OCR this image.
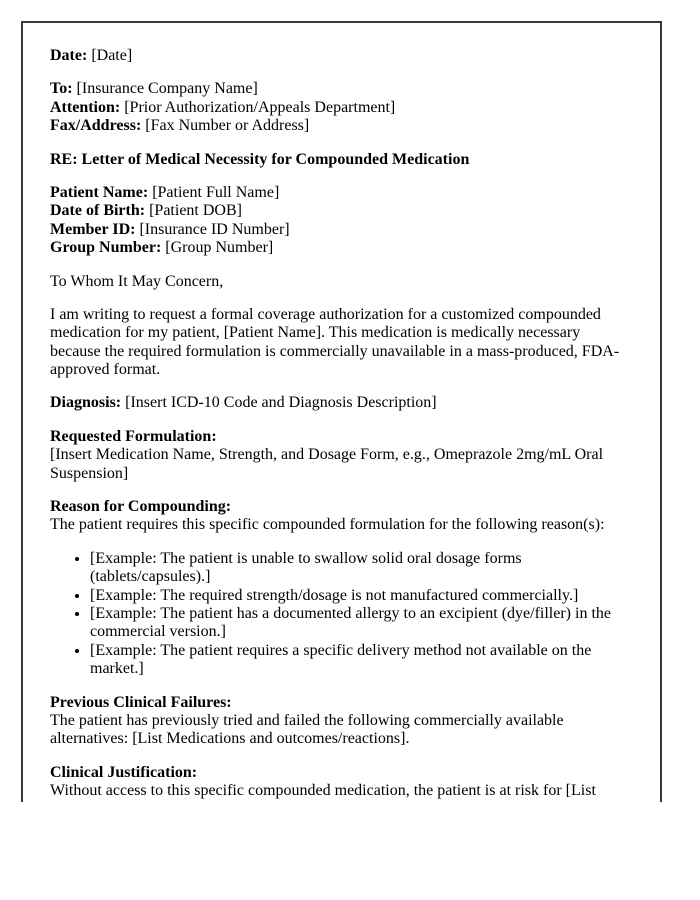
Date: [Date]
To: [Insurance Company Name]
Attention: [Prior Authorization/Appeals Department]
Fax/Address: [Fax Number or Address]
RE: Letter of Medical Necessity for Compounded Medication
Patient Name: [Patient Full Name]
Date of Birth: [Patient DOB]
Member ID: [Insurance ID Number]
Group Number: [Group Number]
To Whom It May Concern,
I am writing to request a formal coverage authorization for a customized compounded medication for my patient, [Patient Name]. This medication is medically necessary because the required formulation is commercially unavailable in a mass-produced, FDA-approved format.
Diagnosis: [Insert ICD-10 Code and Diagnosis Description]
Requested Formulation:
[Insert Medication Name, Strength, and Dosage Form, e.g., Omeprazole 2mg/mL Oral Suspension]
Reason for Compounding:
The patient requires this specific compounded formulation for the following reason(s):
• [Example: The patient is unable to swallow solid oral dosage forms (tablets/capsules).]
• [Example: The required strength/dosage is not manufactured commercially.]
• [Example: The patient has a documented allergy to an excipient (dye/filler) in the commercial version.]
• [Example: The patient requires a specific delivery method not available on the market.]
Previous Clinical Failures:
The patient has previously tried and failed the following commercially available alternatives: [List Medications and outcomes/reactions].
Clinical Justification:
Without access to this specific compounded medication, the patient is at risk for [List
